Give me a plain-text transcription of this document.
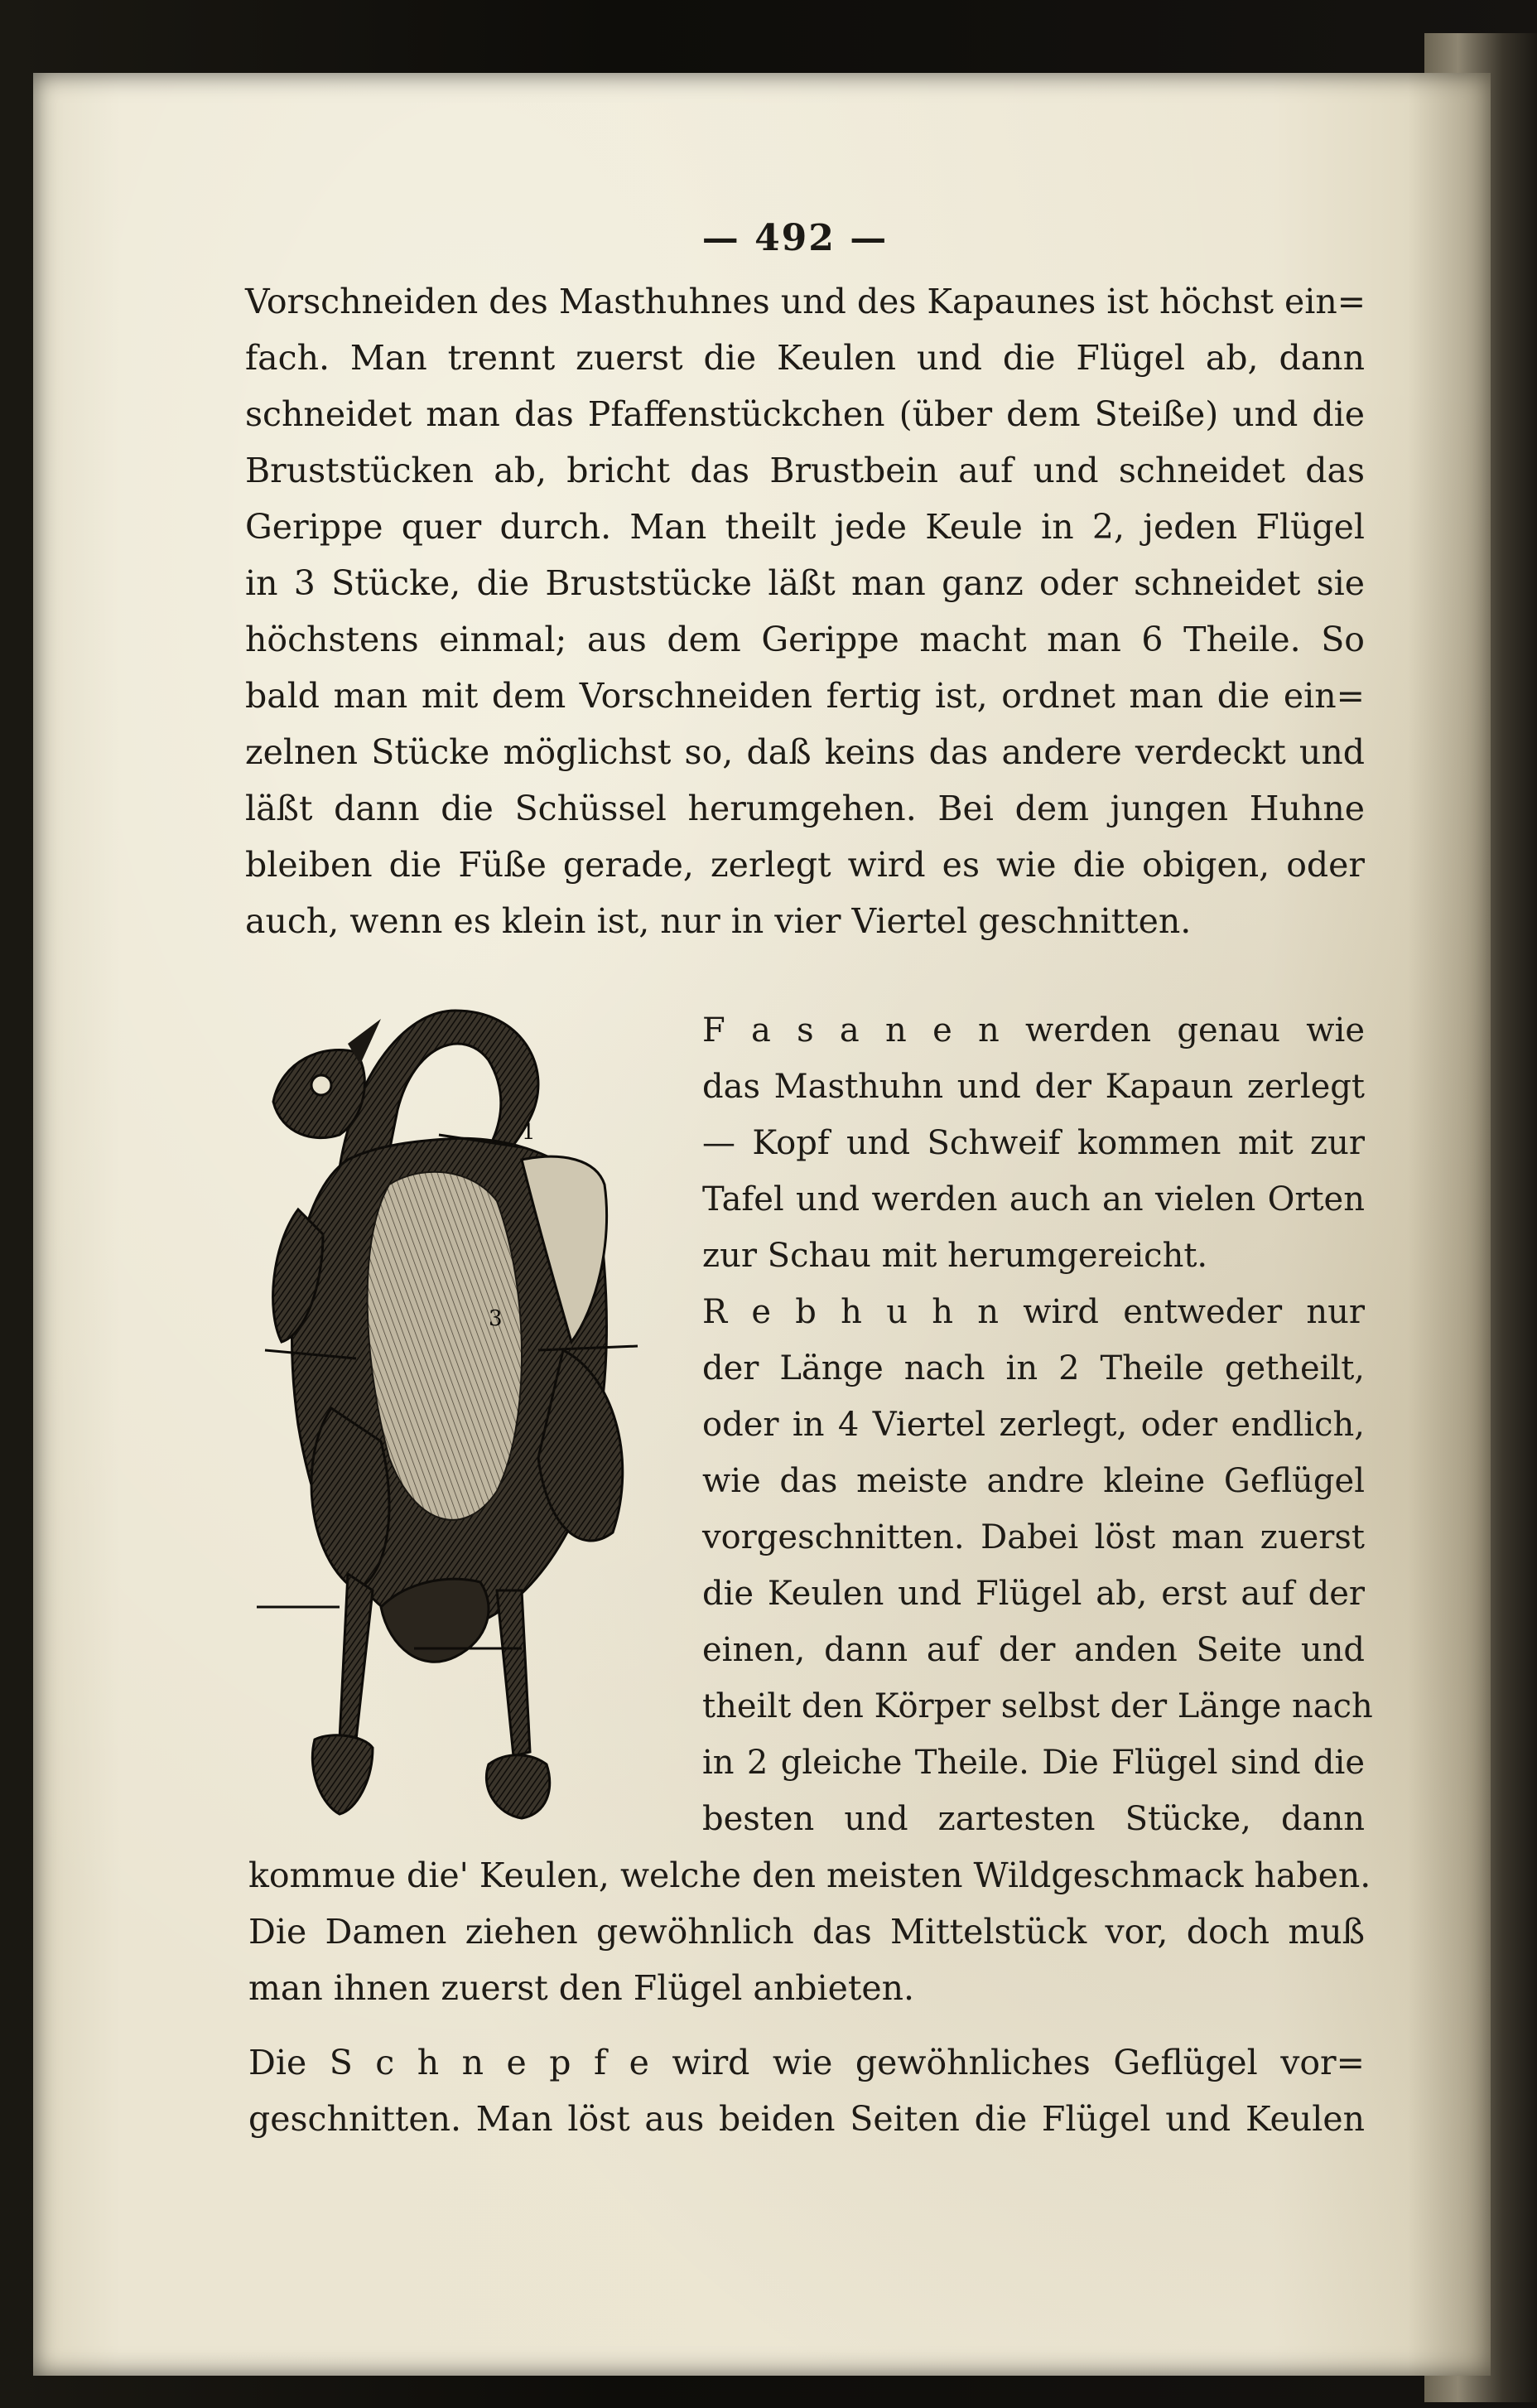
— 492 —
Vorschneiden des Masthuhnes und des Kapaunes ist höchst ein=
fach. Man trennt zuerst die Keulen und die Flügel ab, dann
schneidet man das Pfaffenstückchen (über dem Steiße) und die
Bruststücken ab, bricht das Brustbein auf und schneidet das
Gerippe quer durch. Man theilt jede Keule in 2, jeden Flügel
in 3 Stücke, die Bruststücke läßt man ganz oder schneidet sie
höchstens einmal; aus dem Gerippe macht man 6 Theile. So
bald man mit dem Vorschneiden fertig ist, ordnet man die ein=
zelnen Stücke möglichst so, daß keins das andere verdeckt und
läßt dann die Schüssel herumgehen. Bei dem jungen Huhne
bleiben die Füße gerade, zerlegt wird es wie die obigen, oder
auch, wenn es klein ist, nur in vier Viertel geschnitten.
1
3
F a s a n e n werden genau wie
das Masthuhn und der Kapaun zerlegt
— Kopf und Schweif kommen mit zur
Tafel und werden auch an vielen Orten
zur Schau mit herumgereicht.
R e b h u h n wird entweder nur
der Länge nach in 2 Theile getheilt,
oder in 4 Viertel zerlegt, oder endlich,
wie das meiste andre kleine Geflügel
vorgeschnitten. Dabei löst man zuerst
die Keulen und Flügel ab, erst auf der
einen, dann auf der anden Seite und
theilt den Körper selbst der Länge nach
in 2 gleiche Theile. Die Flügel sind die
besten und zartesten Stücke, dann
kommue die' Keulen, welche den meisten Wildgeschmack haben.
Die Damen ziehen gewöhnlich das Mittelstück vor, doch muß
man ihnen zuerst den Flügel anbieten.
Die S c h n e p f e wird wie gewöhnliches Geflügel vor=
geschnitten. Man löst aus beiden Seiten die Flügel und Keulen
